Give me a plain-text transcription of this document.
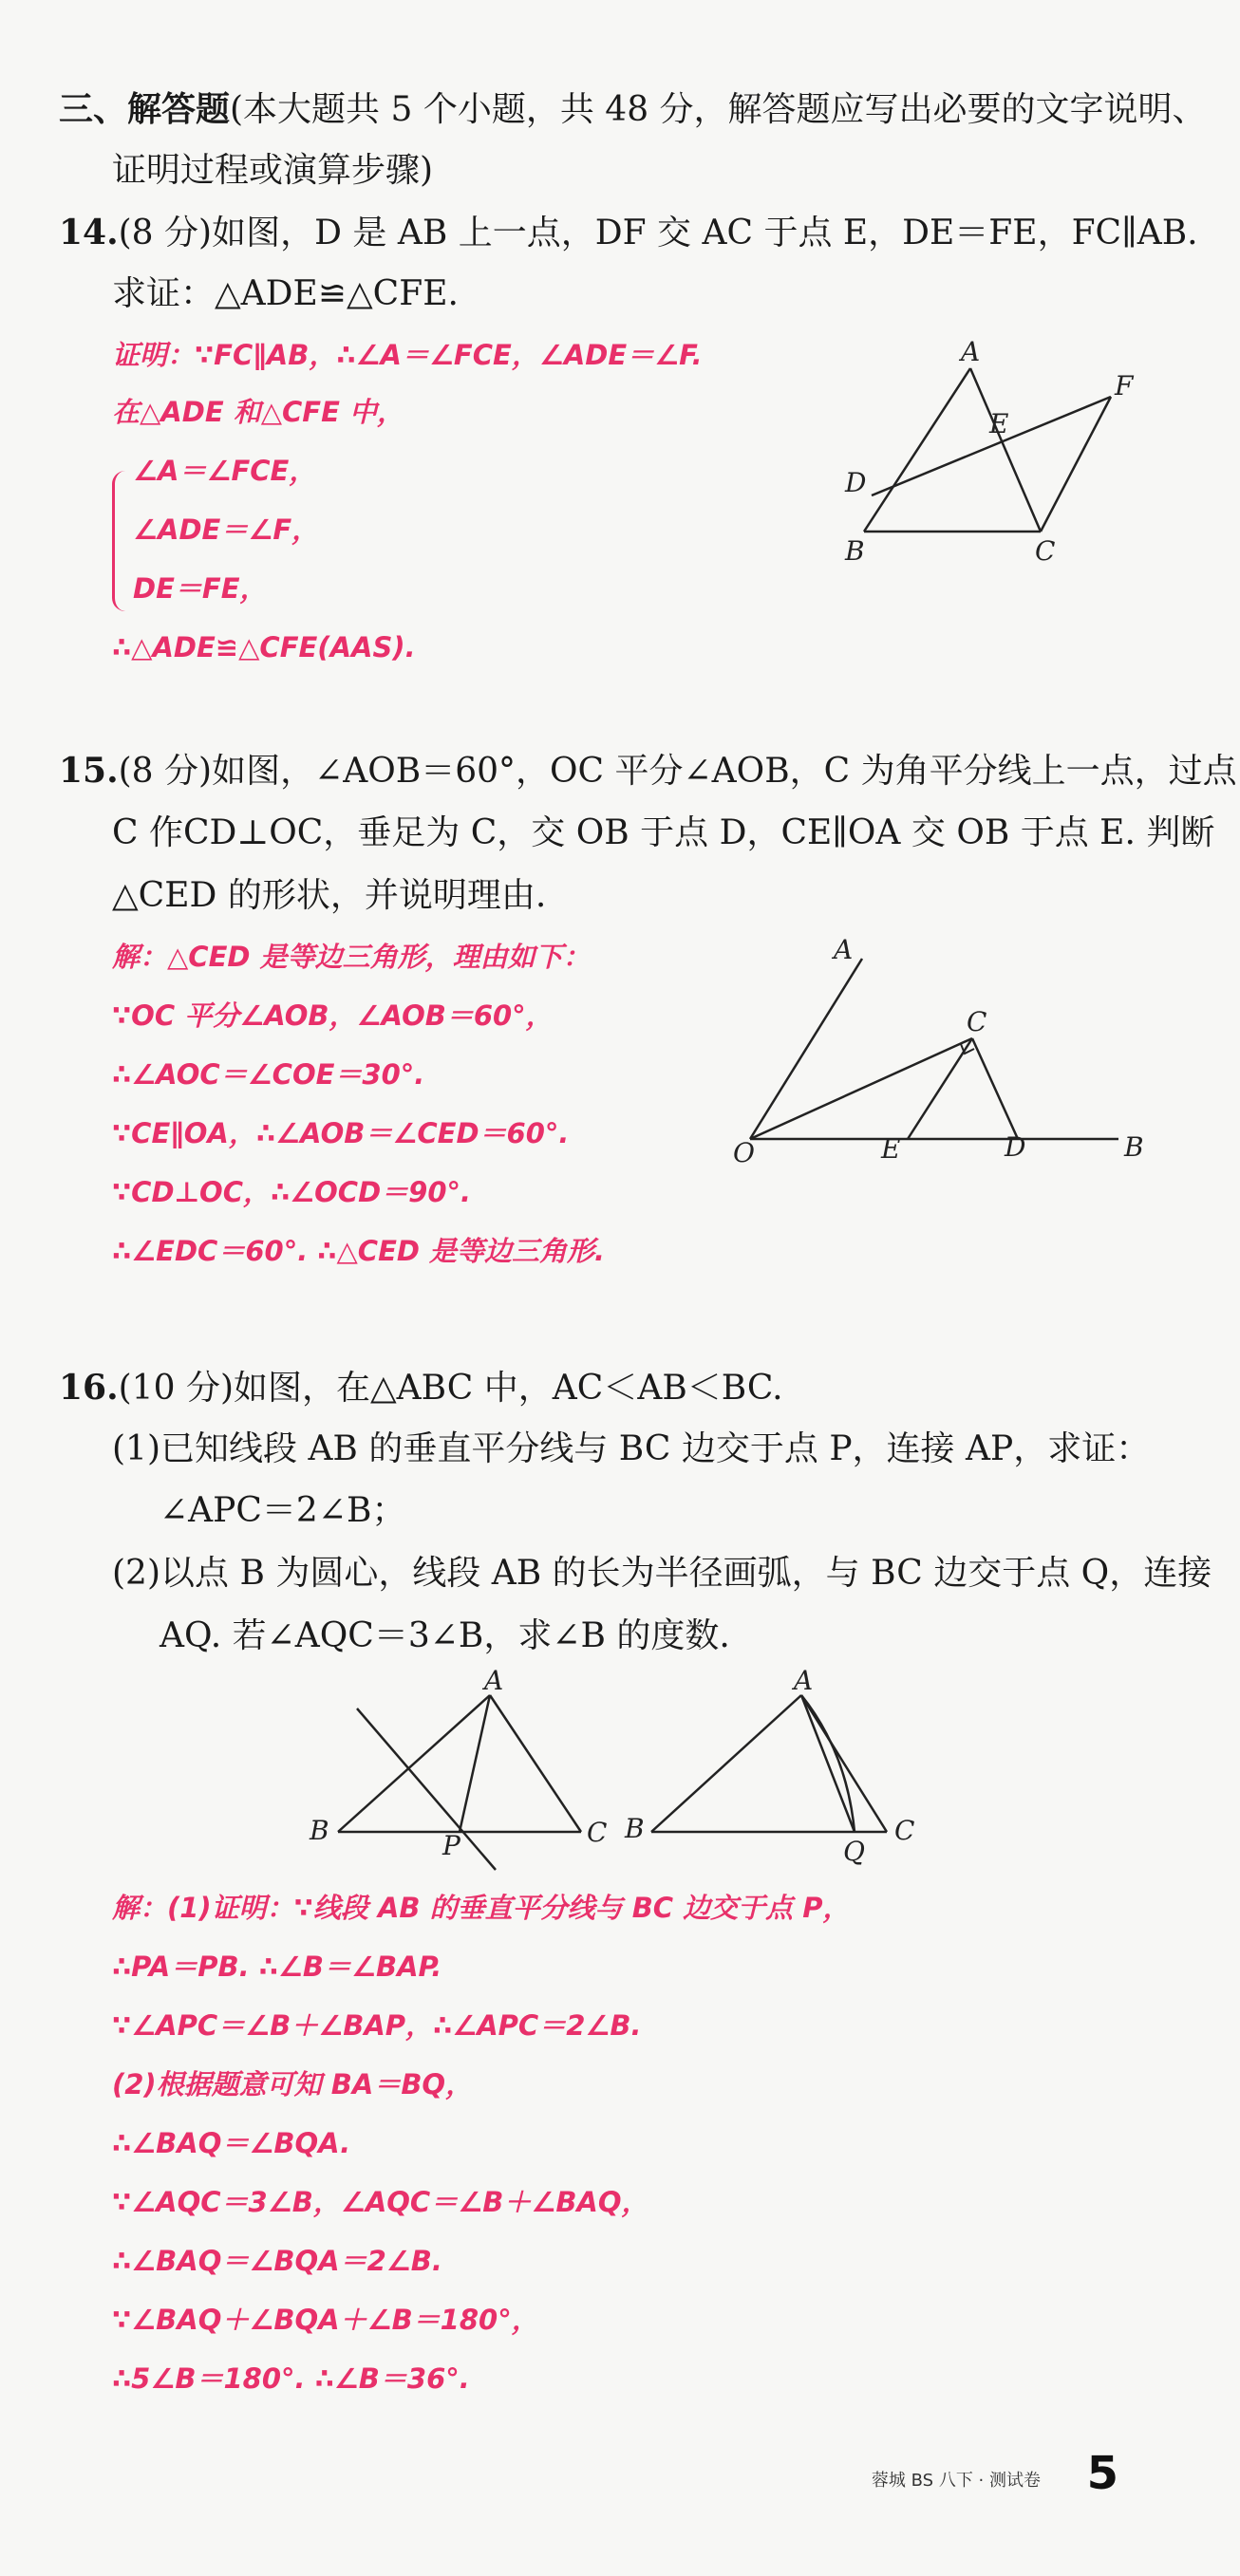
三、解答题(本大题共 5 个小题，共 48 分，解答题应写出必要的文字说明、
证明过程或演算步骤)
14.(8 分)如图，D 是 AB 上一点，DF 交 AC 于点 E，DE＝FE，FC∥AB.
求证：△ADE≌△CFE.
证明：∵FC∥AB，∴∠A＝∠FCE，∠ADE＝∠F.
在△ADE 和△CFE 中，
∠A＝∠FCE，
∠ADE＝∠F，
DE＝FE，
∴△ADE≌△CFE(AAS).
A
B	C
D
E
F
15.(8 分)如图，∠AOB＝60°，OC 平分∠AOB，C 为角平分线上一点，过点
C 作CD⊥OC，垂足为 C，交 OB 于点 D，CE∥OA 交 OB 于点 E. 判断
△CED 的形状，并说明理由.
解：△CED 是等边三角形，理由如下：
∵OC 平分∠AOB，∠AOB＝60°，
∴∠AOC＝∠COE＝30°.
∵CE∥OA，∴∠AOB＝∠CED＝60°.
∵CD⊥OC，∴∠OCD＝90°.
∴∠EDC＝60°. ∴△CED 是等边三角形.
A
B
C
D
E
O
16.(10 分)如图，在△ABC 中，AC＜AB＜BC.
(1)已知线段 AB 的垂直平分线与 BC 边交于点 P，连接 AP，求证：
∠APC＝2∠B；
(2)以点 B 为圆心，线段 AB 的长为半径画弧，与 BC 边交于点 Q，连接
AQ. 若∠AQC＝3∠B，求∠B 的度数.
A
B	C
P
A
B	C
Q
解：(1)证明：∵线段 AB 的垂直平分线与 BC 边交于点 P，
∴PA＝PB. ∴∠B＝∠BAP.
∵∠APC＝∠B＋∠BAP，∴∠APC＝2∠B.
(2)根据题意可知 BA＝BQ，
∴∠BAQ＝∠BQA.
∵∠AQC＝3∠B，∠AQC＝∠B＋∠BAQ，
∴∠BAQ＝∠BQA＝2∠B.
∵∠BAQ＋∠BQA＋∠B＝180°，
∴5∠B＝180°. ∴∠B＝36°.
蓉城 BS 八下 · 测试卷 5
